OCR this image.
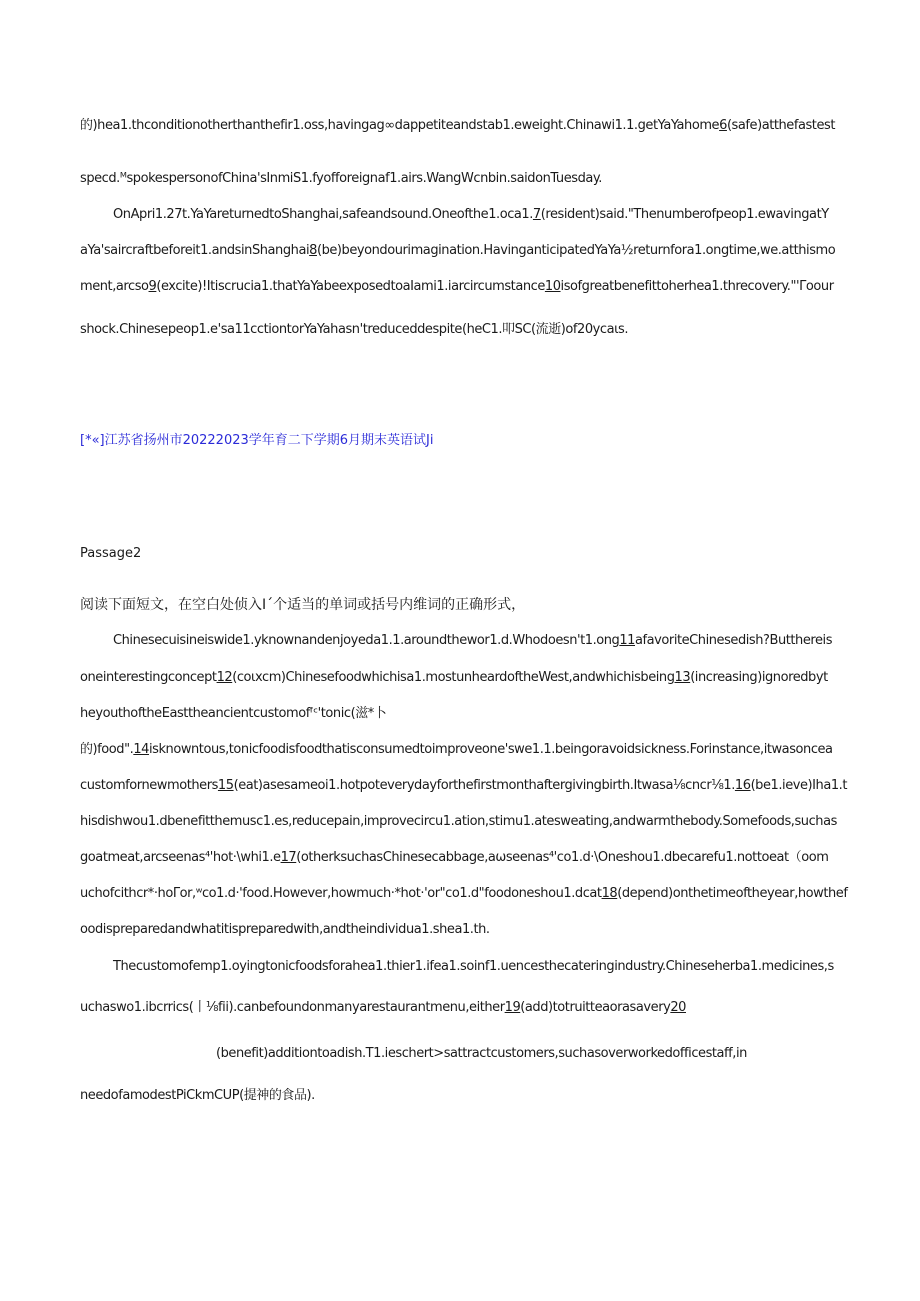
的)hea1.thconditionotherthanthefir1.oss,havingag∞dappetiteandstab1.eweight.Chinawi1.1.getYaYahome6(safe)atthefastest
specd.ᴹspokespersonofChina'sInmiS1.fyofforeignaf1.airs.WangWcnbin.saidonTuesday.
OnApri1.27t.YaYareturnedtoShanghai,safeandsound.Oneofthe1.oca1.7(resident)said."Thenumberofpeop1.ewavingatY
aYa'saircraftbeforeit1.andsinShanghai8(be)beyondourimagination.HavinganticipatedYaYa½returnfora1.ongtime,we.atthismo
ment,arcso9(excite)!Itiscrucia1.thatYaYabeexposedtoaIami1.iarcircumstance10isofgreatbenefittoherhea1.threcovery."'Γoour
shock.Chinesepeop1.e'sa11cctiontorYaYahasn'treduceddespite(heC1.叩SC(流逝)of20ycaιs.
[*«]江苏省扬州市20222023学年育二下学期6月期末英语试Ji
Passage2
阅读下面短文，在空白处侦入Iˊ个适当的单词或括号内维词的正确形式，
Chinesecuisineiswide1.yknownandenjoyeda1.1.aroundthewor1.d.Whodoesn't1.ong11afavoriteChinesedish?Butthereis
oneinterestingconcept12(coιxcm)Chinesefoodwhichisa1.mostunheardoftheWest,andwhichisbeing13(increasing)ignoredbyt
heyouthoftheEasttheancientcustomofᶠᶜ'tonic(滋*卜
的)food".14isknowntous,tonicfoodisfoodthatisconsumedtoimproveone'swe1.1.beingoravoidsickness.Forinstance,itwasoncea
customfornewmothers15(eat)asesameoi1.hotpoteverydayforthefirstmonthaftergivingbirth.Itwasa⅛cncr⅛1.16(be1.ieve)Iha1.t
hisdishwou1.dbenefitthemusc1.es,reducepain,improvecircu1.ation,stimu1.atesweating,andwarmthebody.Somefoods,suchas
goatmeat,arcseenas⁴'hot·\whi1.e17(otherksuchasChinesecabbage,aωseenas⁴'co1.d·\Oneshou1.dbecarefu1.nottoeat（oom
uchofcithcr*·hoΓor,ʷco1.d·'food.However,howmuch·*hot·'or"co1.d"foodoneshou1.dcat18(depend)onthetimeoftheyear,howthef
oodispreparedandwhatitispreparedwith,andtheindividua1.shea1.th.
Thecustomofemp1.oyingtonicfoodsforahea1.thier1.ifea1.soinf1.uencesthecateringindustry.Chineseherba1.medicines,s
uchaswo1.ibcrrics(丨⅛fii).canbefoundonmanyarestaurantmenu,either19(add)totruitteaorasavery20
(benefit)additiontoadish.T1.ieschert>sattractcustomers,suchasoverworkedofficestaff,in
needofamodestPiCkmCUP(提神的食品).
